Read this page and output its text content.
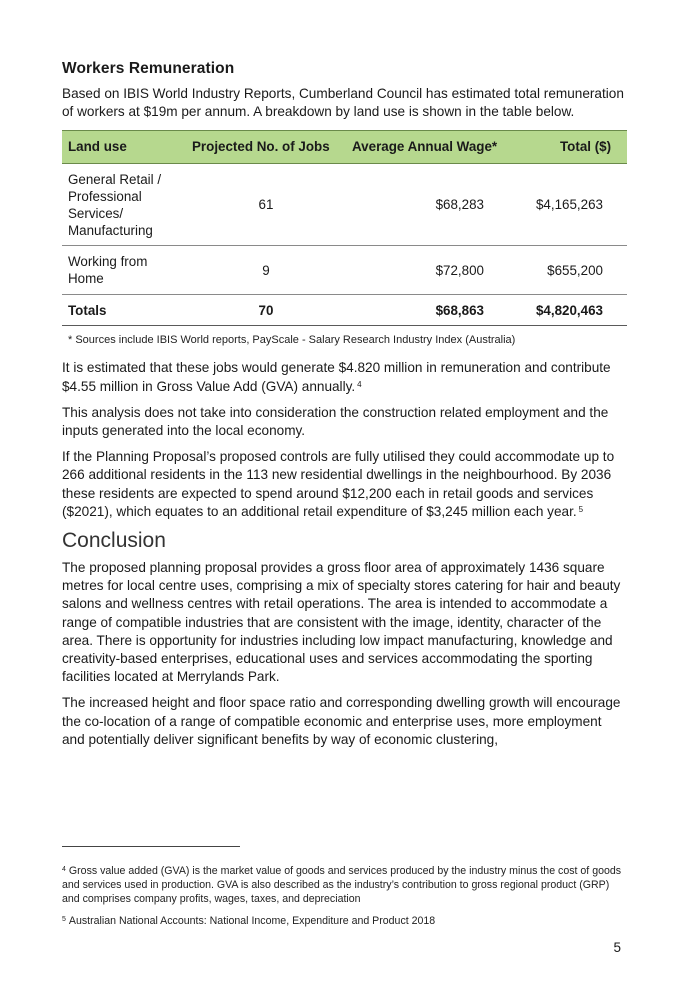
Workers Remuneration

Based on IBIS World Industry Reports, Cumberland Council has estimated total remuneration of workers at $19m per annum. A breakdown by land use is shown in the table below.

Land use	Projected No. of Jobs	Average Annual Wage*	Total ($)
General Retail / Professional Services/ Manufacturing	61	$68,283	$4,165,263
Working from Home	9	$72,800	$655,200
Totals	70	$68,863	$4,820,463
* Sources include IBIS World reports, PayScale - Salary Research Industry Index (Australia)

It is estimated that these jobs would generate $4.820 million in remuneration and contribute $4.55 million in Gross Value Add (GVA) annually. $^4$

This analysis does not take into consideration the construction related employment and the inputs generated into the local economy.

If the Planning Proposal’s proposed controls are fully utilised they could accommodate up to 266 additional residents in the 113 new residential dwellings in the neighbourhood. By 2036 these residents are expected to spend around $12,200 each in retail goods and services ($2021), which equates to an additional retail expenditure of $3,245 million each year. $^5$

Conclusion

The proposed planning proposal provides a gross floor area of approximately 1436 square metres for local centre uses, comprising a mix of specialty stores catering for hair and beauty salons and wellness centres with retail operations. The area is intended to accommodate a range of compatible industries that are consistent with the image, identity, character of the area. There is opportunity for industries including low impact manufacturing, knowledge and creativity-based enterprises, educational uses and services accommodating the sporting facilities located at Merrylands Park.

The increased height and floor space ratio and corresponding dwelling growth will encourage the co-location of a range of compatible economic and enterprise uses, more employment and potentially deliver significant benefits by way of economic clustering,

$^4$ Gross value added (GVA) is the market value of goods and services produced by the industry minus the cost of goods and services used in production. GVA is also described as the industry’s contribution to gross regional product (GRP) and comprises company profits, wages, taxes, and depreciation

$^5$ Australian National Accounts: National Income, Expenditure and Product 2018

5
